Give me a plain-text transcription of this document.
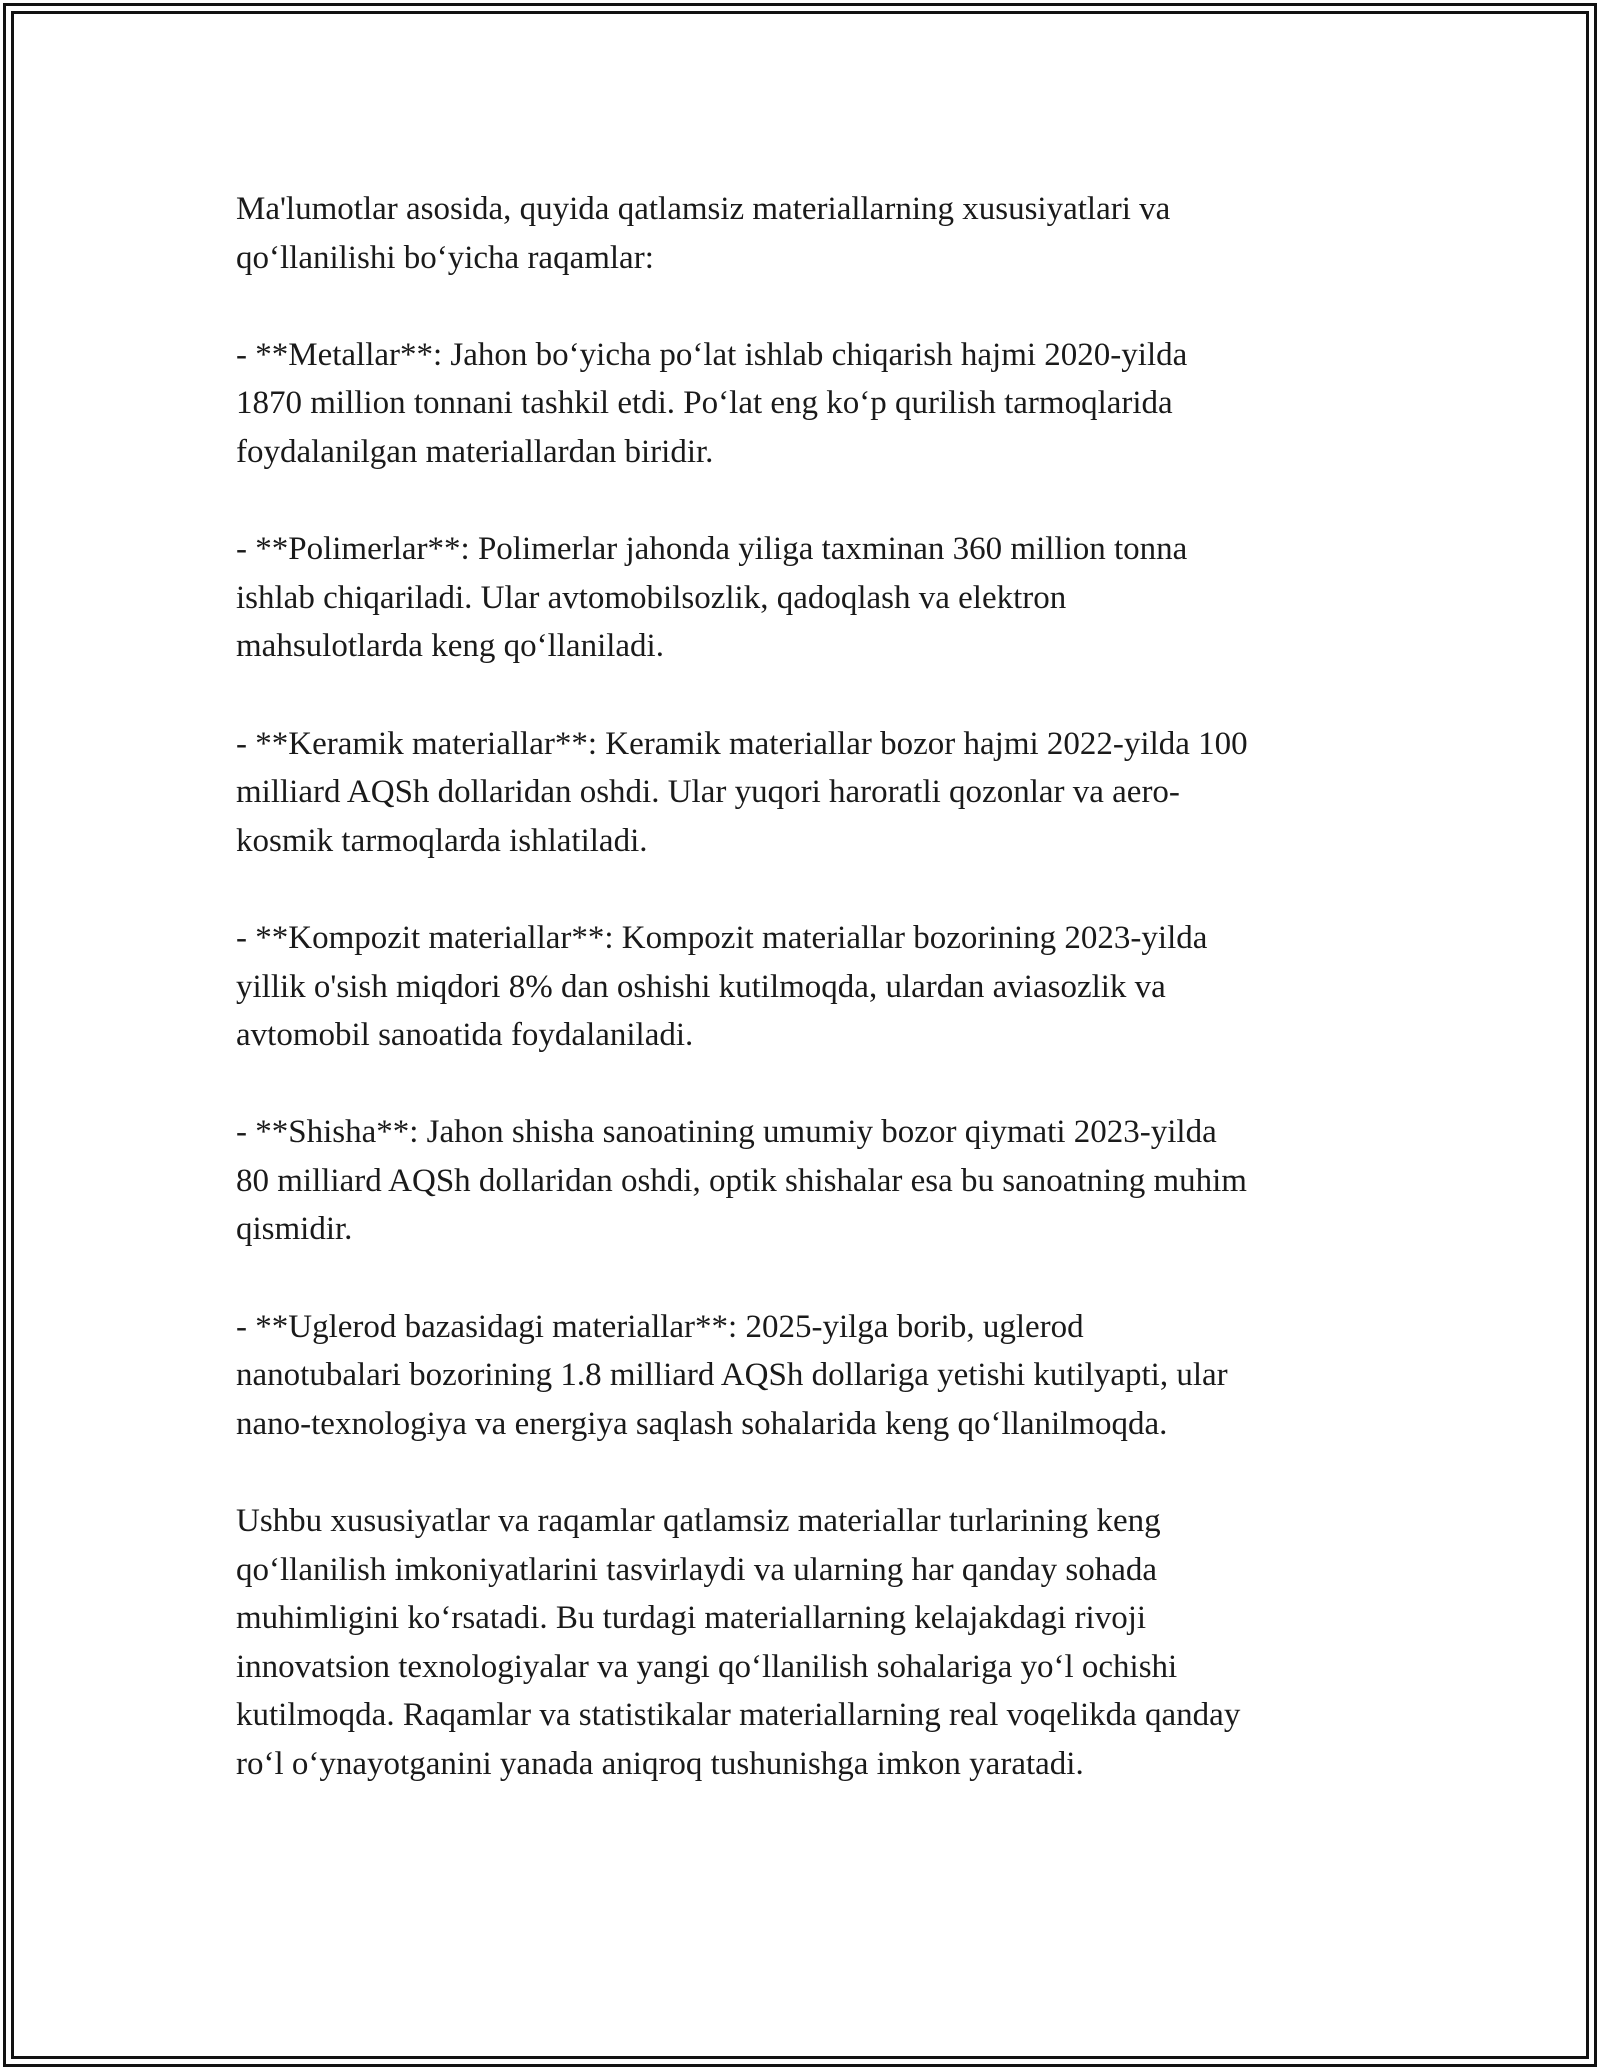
Ma'lumotlar asosida, quyida qatlamsiz materiallarning xususiyatlari va
qoʻllanilishi boʻyicha raqamlar:

- **Metallar**: Jahon boʻyicha poʻlat ishlab chiqarish hajmi 2020-yilda
1870 million tonnani tashkil etdi. Poʻlat eng koʻp qurilish tarmoqlarida
foydalanilgan materiallardan biridir.

- **Polimerlar**: Polimerlar jahonda yiliga taxminan 360 million tonna
ishlab chiqariladi. Ular avtomobilsozlik, qadoqlash va elektron
mahsulotlarda keng qoʻllaniladi.

- **Keramik materiallar**: Keramik materiallar bozor hajmi 2022-yilda 100
milliard AQSh dollaridan oshdi. Ular yuqori haroratli qozonlar va aero-
kosmik tarmoqlarda ishlatiladi.

- **Kompozit materiallar**: Kompozit materiallar bozorining 2023-yilda
yillik o'sish miqdori 8% dan oshishi kutilmoqda, ulardan aviasozlik va
avtomobil sanoatida foydalaniladi.

- **Shisha**: Jahon shisha sanoatining umumiy bozor qiymati 2023-yilda
80 milliard AQSh dollaridan oshdi, optik shishalar esa bu sanoatning muhim
qismidir.

- **Uglerod bazasidagi materiallar**: 2025-yilga borib, uglerod
nanotubalari bozorining 1.8 milliard AQSh dollariga yetishi kutilyapti, ular
nano-texnologiya va energiya saqlash sohalarida keng qoʻllanilmoqda.

Ushbu xususiyatlar va raqamlar qatlamsiz materiallar turlarining keng
qoʻllanilish imkoniyatlarini tasvirlaydi va ularning har qanday sohada
muhimligini koʻrsatadi. Bu turdagi materiallarning kelajakdagi rivoji
innovatsion texnologiyalar va yangi qoʻllanilish sohalariga yoʻl ochishi
kutilmoqda. Raqamlar va statistikalar materiallarning real voqelikda qanday
roʻl oʻynayotganini yanada aniqroq tushunishga imkon yaratadi.
